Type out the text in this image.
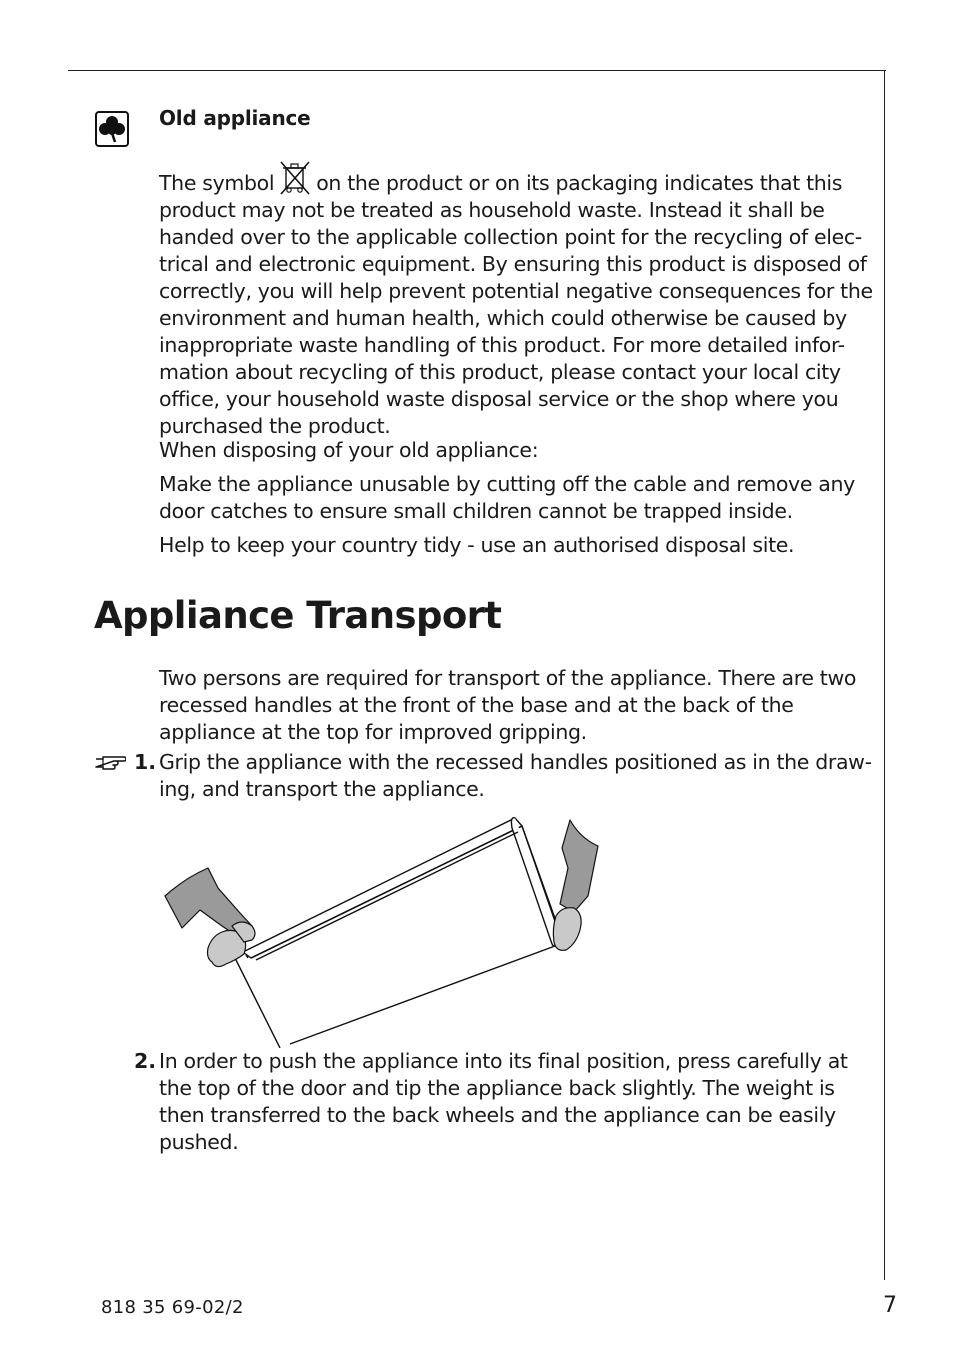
Old appliance

The symbol on the product or on its packaging indicates that this

product may not be treated as household waste. Instead it shall be

handed over to the applicable collection point for the recycling of elec-

trical and electronic equipment. By ensuring this product is disposed of

correctly, you will help prevent potential negative consequences for the

environment and human health, which could otherwise be caused by

inappropriate waste handling of this product. For more detailed infor-

mation about recycling of this product, please contact your local city

office, your household waste disposal service or the shop where you

purchased the product.

When disposing of your old appliance:

Make the appliance unusable by cutting off the cable and remove any

door catches to ensure small children cannot be trapped inside.

Help to keep your country tidy - use an authorised disposal site.

Appliance Transport

Two persons are required for transport of the appliance. There are two

recessed handles at the front of the base and at the back of the

appliance at the top for improved gripping.

1. Grip the appliance with the recessed handles positioned as in the draw-

ing, and transport the appliance.

2. In order to push the appliance into its final position, press carefully at

the top of the door and tip the appliance back slightly. The weight is

then transferred to the back wheels and the appliance can be easily

pushed.

818 35 69-02/2	7
